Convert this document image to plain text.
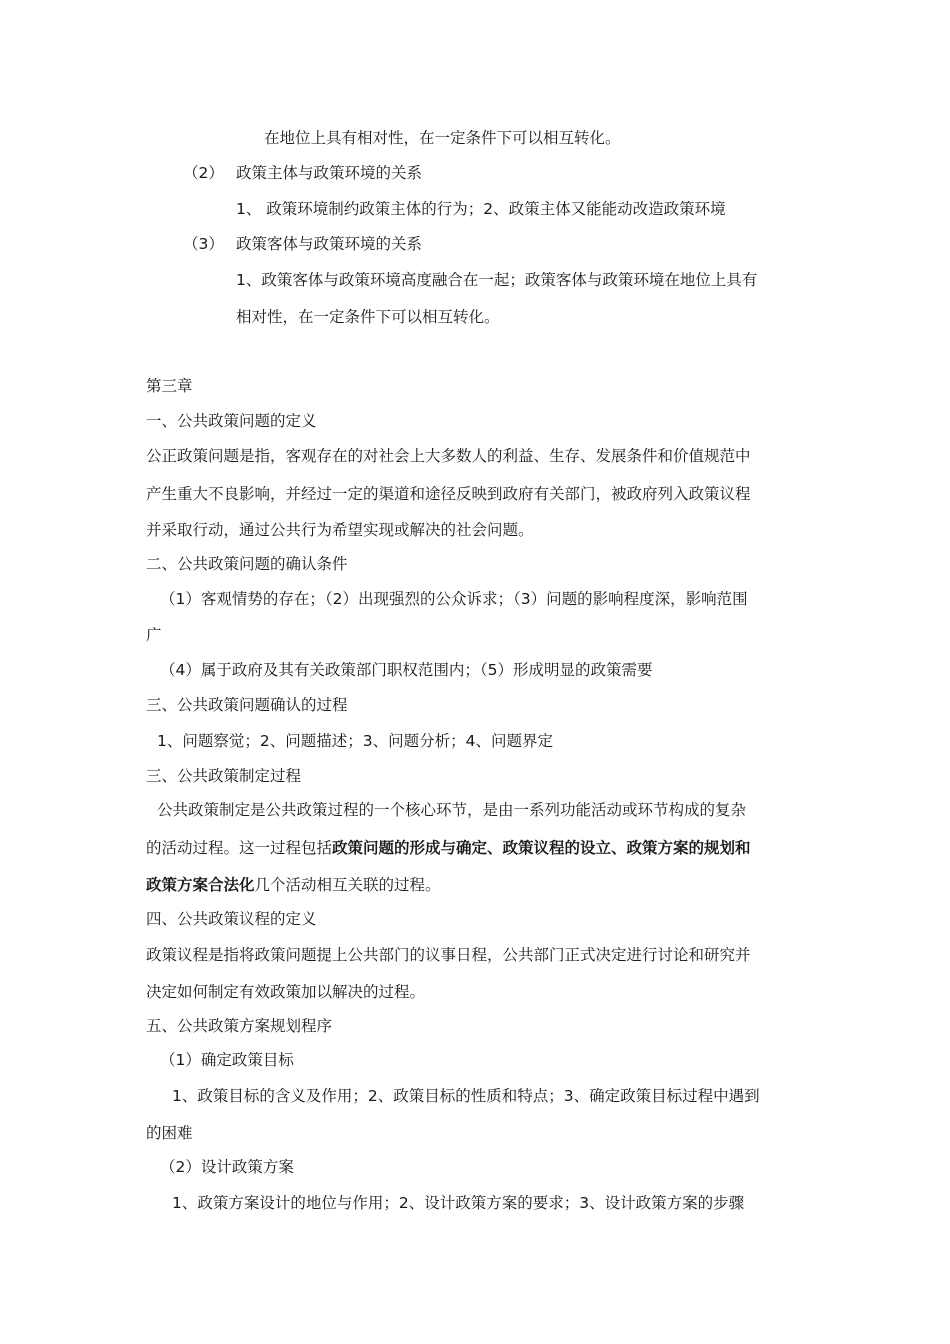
在地位上具有相对性，在一定条件下可以相互转化。
（2） 政策主体与政策环境的关系
1、 政策环境制约政策主体的行为；2、政策主体又能能动改造政策环境
（3） 政策客体与政策环境的关系
1、政策客体与政策环境高度融合在一起；政策客体与政策环境在地位上具有
相对性，在一定条件下可以相互转化。
第三章
一、公共政策问题的定义
公正政策问题是指，客观存在的对社会上大多数人的利益、生存、发展条件和价值规范中
产生重大不良影响，并经过一定的渠道和途径反映到政府有关部门，被政府列入政策议程
并采取行动，通过公共行为希望实现或解决的社会问题。
二、公共政策问题的确认条件
（1）客观情势的存在；（2）出现强烈的公众诉求；（3）问题的影响程度深，影响范围
广
（4）属于政府及其有关政策部门职权范围内；（5）形成明显的政策需要
三、公共政策问题确认的过程
1、问题察觉；2、问题描述；3、问题分析；4、问题界定
三、公共政策制定过程
公共政策制定是公共政策过程的一个核心环节，是由一系列功能活动或环节构成的复杂
的活动过程。这一过程包括政策问题的形成与确定、政策议程的设立、政策方案的规划和
政策方案合法化几个活动相互关联的过程。
四、公共政策议程的定义
政策议程是指将政策问题提上公共部门的议事日程，公共部门正式决定进行讨论和研究并
决定如何制定有效政策加以解决的过程。
五、公共政策方案规划程序
（1）确定政策目标
1、政策目标的含义及作用；2、政策目标的性质和特点；3、确定政策目标过程中遇到
的困难
（2）设计政策方案
1、政策方案设计的地位与作用；2、设计政策方案的要求；3、设计政策方案的步骤
